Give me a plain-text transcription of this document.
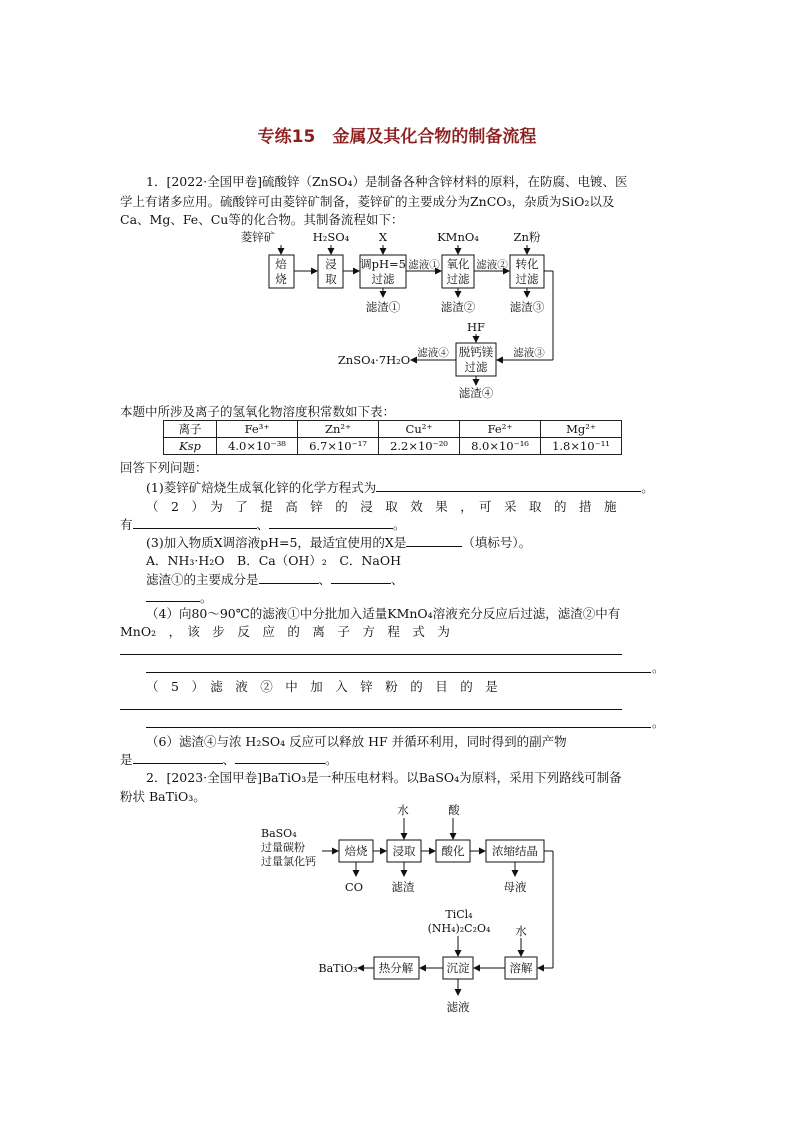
专练15　金属及其化合物的制备流程
1．[2022·全国甲卷]硫酸锌（ZnSO₄）是制备各种含锌材料的原料，在防腐、电镀、医
学上有诸多应用。硫酸锌可由菱锌矿制备，菱锌矿的主要成分为ZnCO₃，杂质为SiO₂以及
Ca、Mg、Fe、Cu等的化合物。其制备流程如下：
菱锌矿	H₂SO₄	X	KMnO₄	Zn粉
焙
烧
浸
取
调pH=5
过滤
氧化
过滤
转化
过滤
脱钙镁
过滤
滤液①	滤液②
滤液③
滤液④
滤渣①	滤渣②	滤渣③
HF
滤渣④
ZnSO₄·7H₂O
本题中所涉及离子的氢氧化物溶度积常数如下表：
离子	Fe³⁺	Zn²⁺	Cu²⁺	Fe²⁺	Mg²⁺
Ksp	4.0×10⁻³⁸	6.7×10⁻¹⁷	2.2×10⁻²⁰	8.0×10⁻¹⁶	1.8×10⁻¹¹
回答下列问题：
(1)菱锌矿焙烧生成氧化锌的化学方程式为	。
（　2　）　为　了　提　高　锌　的　浸　取　效　果　，　可　采　取　的　措　施
有	、	。
(3)加入物质X调溶液pH=5，最适宜使用的X是	（填标号）。
A．NH₃·H₂O　B．Ca（OH）₂　C．NaOH
滤渣①的主要成分是	、	、
。
（4）向80～90℃的滤液①中分批加入适量KMnO₄溶液充分反应后过滤，滤渣②中有
MnO₂　，　该　步　反　应　的　离　子　方　程　式　为
。
（　5　）　滤　液　②　中　加　入　锌　粉　的　目　的　是
。
（6）滤渣④与浓 H₂SO₄ 反应可以释放 HF 并循环利用，同时得到的副产物
是	、	。
2．[2023·全国甲卷]BaTiO₃是一种压电材料。以BaSO₄为原料，采用下列路线可制备
粉状 BaTiO₃。
BaSO₄
过量碳粉
过量氯化钙
水	酸
焙烧 浸取 酸化 浓缩结晶
CO 滤渣	母液
TiCl₄
(NH₄)₂C₂O₄ 水
溶解
沉淀
热分解
滤液
BaTiO₃
